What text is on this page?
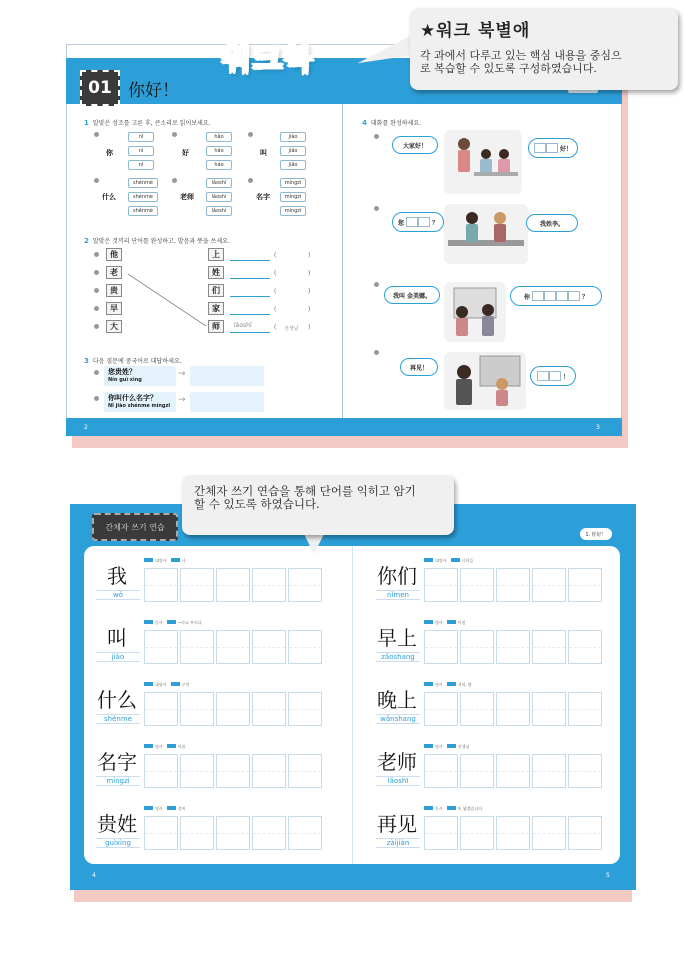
01 你好！
2	3
1 알맞은 성조를 고른 후, 큰소리로 읽어보세요.
你
nǐ
nì
ní
好
hǎo
hāo
háo
叫
jiào
jiāo
jiǎo
什么
shénmé
shénme
shěnmè
老师
lǎoshī
lǎoshi
lǎoshì
名字
míngzi
míngzì
mìngzi
2 알맞은 것끼리 단어를 완성하고, 발음과 뜻을 쓰세요.
他
老
贵
早
大
上	(	)
姓	(	)
们	(	)
家	(	)
师	lǎoshī	( 선생님 )
3 다음 질문에 중국어로 대답하세요.
您贵姓？
Nín guì xìng
→
你叫什么名字？
Nǐ jiào shénme míngzi
→
4 대화를 완성하세요.
大家好！	好！
您	？	我姓李。
我叫 金美娜。	你	？
再见！
！
★워크 북별애
각 과에서 다루고 있는 핵심 내용을 중심으
로 복습할 수 있도록 구성하였습니다.
워크북
간체자 쓰기 연습
1. 你好！
4	5
我
wǒ
대명사	나
叫
jiào
동사	~라고 부르다
什么
shénme
대명사	무엇
名字
míngzi
명사	이름
贵姓
guìxìng
명사	성씨
你们
nǐmen
대명사	너희들
早上
zǎoshang
명사	아침
晚上
wǎnshang
명사	저녁, 밤
老师
lǎoshī
명사	선생님
再见
zàijiàn
동사	또 뵙겠습니다
간체자 쓰기 연습을 통해 단어를 익히고 암기
할 수 있도록 하였습니다.
